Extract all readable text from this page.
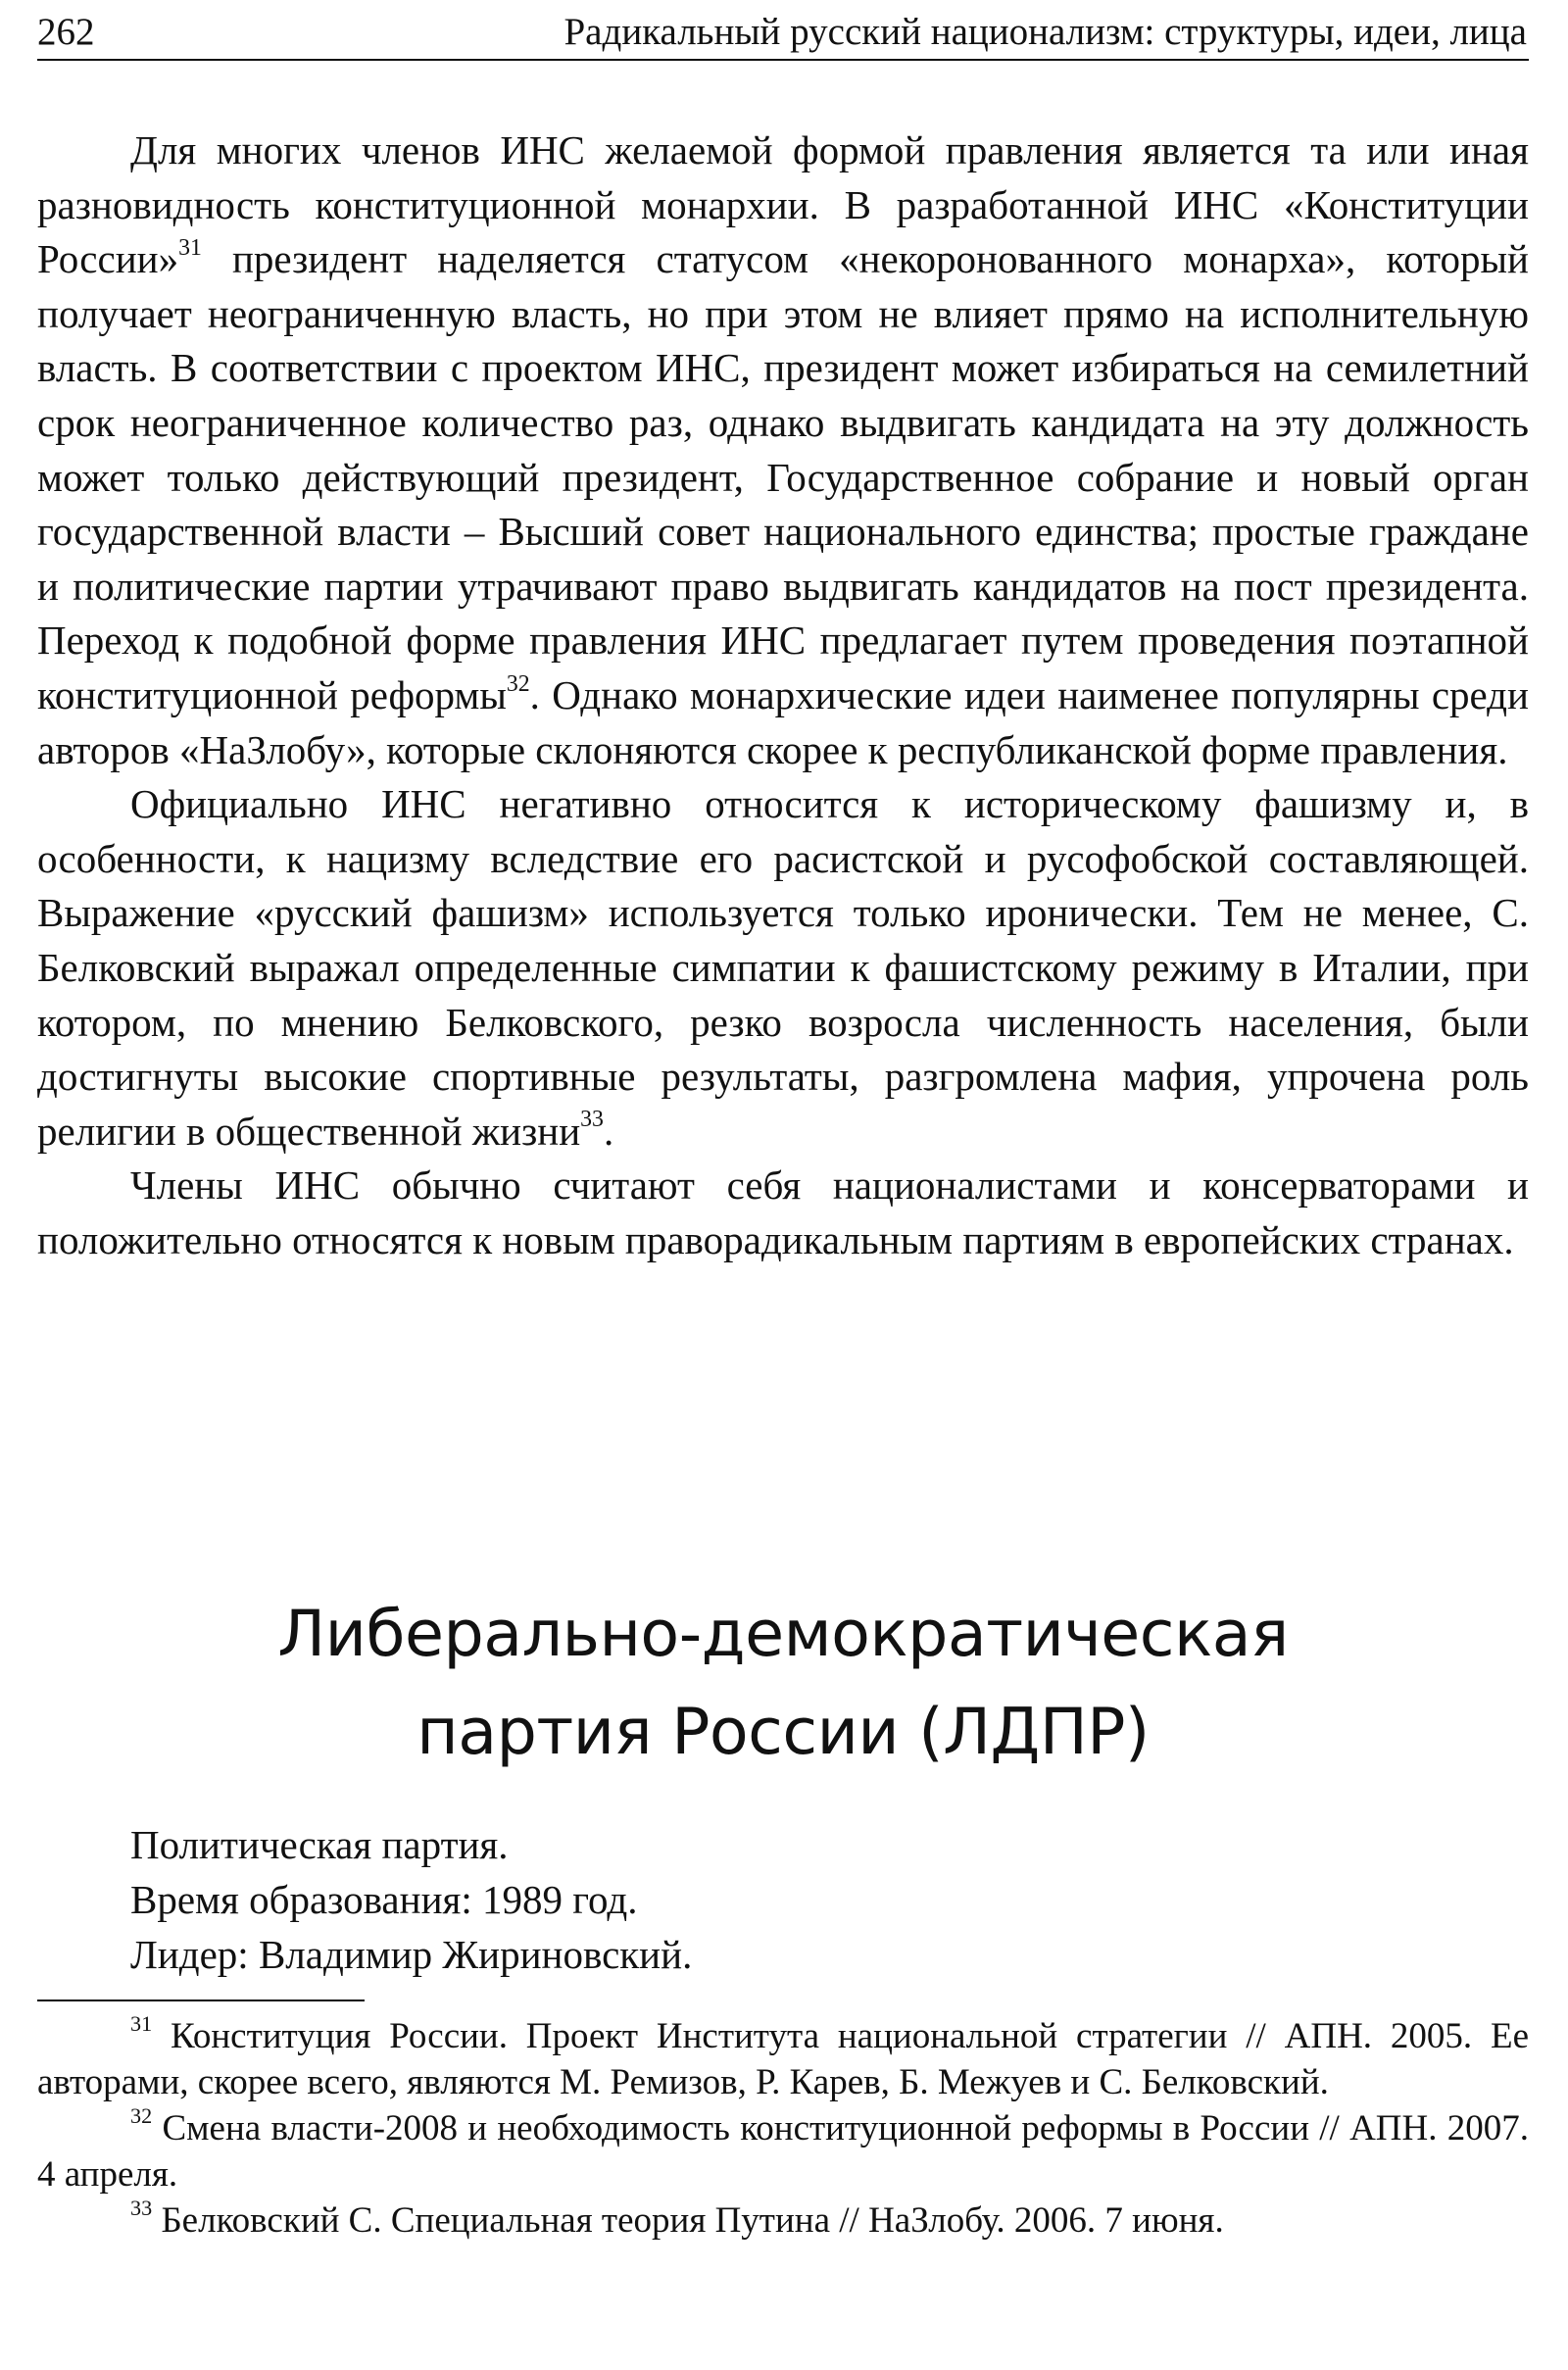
262	Радикальный русский национализм: структуры, идеи, лица

Для многих членов ИНС желаемой формой правления является та или иная разновидность конституционной монархии. В разработанной ИНС «Конституции России»$^{31}$ президент наделяется статусом «некоронованного монарха», который получает неограниченную власть, но при этом не влияет прямо на исполнительную власть. В соответствии с проектом ИНС, президент может избираться на семилетний срок неограниченное количество раз, однако выдвигать кандидата на эту должность может только действующий президент, Государственное собрание и новый орган государственной власти – Высший совет национального единства; простые граждане и политические партии утрачивают право выдвигать кандидатов на пост президента. Переход к подобной форме правления ИНС предлагает путем проведения поэтапной конституционной реформы$^{32}$. Однако монархические идеи наименее популярны среди авторов «НаЗлобу», которые склоняются скорее к республиканской форме правления.

Официально ИНС негативно относится к историческому фашизму и, в особенности, к нацизму вследствие его расистской и русофобской составляющей. Выражение «русский фашизм» используется только иронически. Тем не менее, С. Белковский выражал определенные симпатии к фашистскому режиму в Италии, при котором, по мнению Белковского, резко возросла численность населения, были достигнуты высокие спортивные результаты, разгромлена мафия, упрочена роль религии в общественной жизни$^{33}$.

Члены ИНС обычно считают себя националистами и консерваторами и положительно относятся к новым праворадикальным партиям в европейских странах.

Либерально-демократическая
партия России (ЛДПР)
Политическая партия.
Время образования: 1989 год.
Лидер: Владимир Жириновский.

$^{31}$ Конституция России. Проект Института национальной стратегии // АПН. 2005. Ее авторами, скорее всего, являются М. Ремизов, Р. Карев, Б. Межуев и С. Белковский.

$^{32}$ Смена власти-2008 и необходимость конституционной реформы в России // АПН. 2007. 4 апреля.

$^{33}$ Белковский С. Специальная теория Путина // НаЗлобу. 2006. 7 июня.
